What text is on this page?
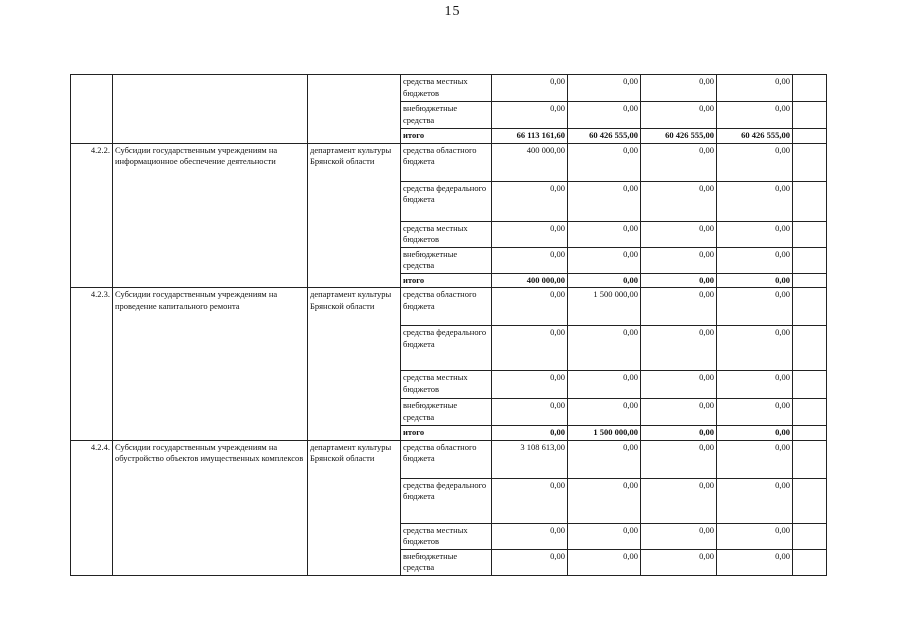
15
			средства местных бюджетов	0,00	0,00	0,00	0,00	
			внебюджетные средства	0,00	0,00	0,00	0,00	
			итого	66 113 161,60	60 426 555,00	60 426 555,00	60 426 555,00	
4.2.2.	Субсидии государственным учреждениям на информационное обеспечение деятельности	департамент культуры Брянской области	средства областного бюджета	400 000,00	0,00	0,00	0,00	
			средства федерального бюджета	0,00	0,00	0,00	0,00	
			средства местных бюджетов	0,00	0,00	0,00	0,00	
			внебюджетные средства	0,00	0,00	0,00	0,00	
			итого	400 000,00	0,00	0,00	0,00	
4.2.3.	Субсидии государственным учреждениям на проведение капитального ремонта	департамент культуры Брянской области	средства областного бюджета	0,00	1 500 000,00	0,00	0,00	
			средства федерального бюджета	0,00	0,00	0,00	0,00	
			средства местных бюджетов	0,00	0,00	0,00	0,00	
			внебюджетные средства	0,00	0,00	0,00	0,00	
			итого	0,00	1 500 000,00	0,00	0,00	
4.2.4.	Субсидии государственным учреждениям на обустройство объектов имущественных комплексов	департамент культуры Брянской области	средства областного бюджета	3 108 613,00	0,00	0,00	0,00	
			средства федерального бюджета	0,00	0,00	0,00	0,00	
			средства местных бюджетов	0,00	0,00	0,00	0,00	
			внебюджетные средства	0,00	0,00	0,00	0,00	
